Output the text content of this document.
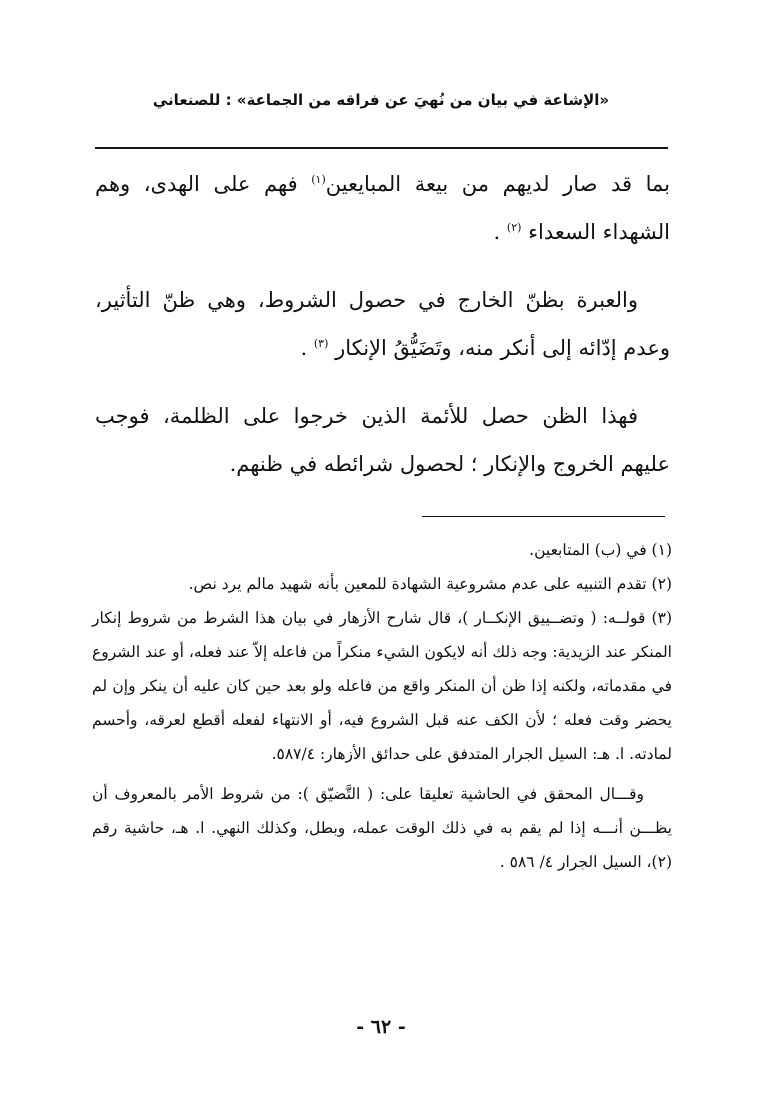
«الإشاعة في بيان من نُهيَ عن فراقه من الجماعة» : للصنعاني

بما قد صار لديهم من بيعة المبايعين$^{(١)}$ فهم على الهدى، وهم الشهداء السعداء $^{(٢)}$ .

والعبرة بظنّ الخارج في حصول الشروط، وهي ظنّ التأثير، وعدم إدّائه إلى أنكر منه، وتَضَيُّقُ الإنكار $^{(٣)}$ .

فهذا الظن حصل للأئمة الذين خرجوا على الظلمة، فوجب عليهم الخروج والإنكار ؛ لحصول شرائطه في ظنهم.

(١) في (ب) المتابعين.

(٢) تقدم التنبيه على عدم مشروعية الشهادة للمعين بأنه شهيد مالم يرد نص.

(٣) قولــه: ( وتضــييق الإنكــار )، قال شارح الأزهار في بيان هذا الشرط من شروط إنكار المنكر عند الزيدية: وجه ذلك أنه لايكون الشيء منكراً من فاعله إلاّ عند فعله، أو عند الشروع في مقدماته، ولكنه إذا ظن أن المنكر واقع من فاعله ولو بعد حين كان عليه أن ينكر وإن لم يحضر وقت فعله ؛ لأن الكف عنه قبل الشروع فيه، أو الانتهاء لفعله أقطع لعرقه، وأحسم لمادته. ا. هـ: السيل الجرار المتدفق على حدائق الأزهار: ٥٨٧/٤.

وقـــال المحقق في الحاشية تعليقا على: ( التَّضيّق ): من شروط الأمر بالمعروف أن يظـــن أنـــه إذا لم يقم به في ذلك الوقت عمله، وبطل، وكذلك النهي. ا. هـ، حاشية رقم (٢)، السيل الجرار ٤/ ٥٨٦ .

- ٦٢ -
